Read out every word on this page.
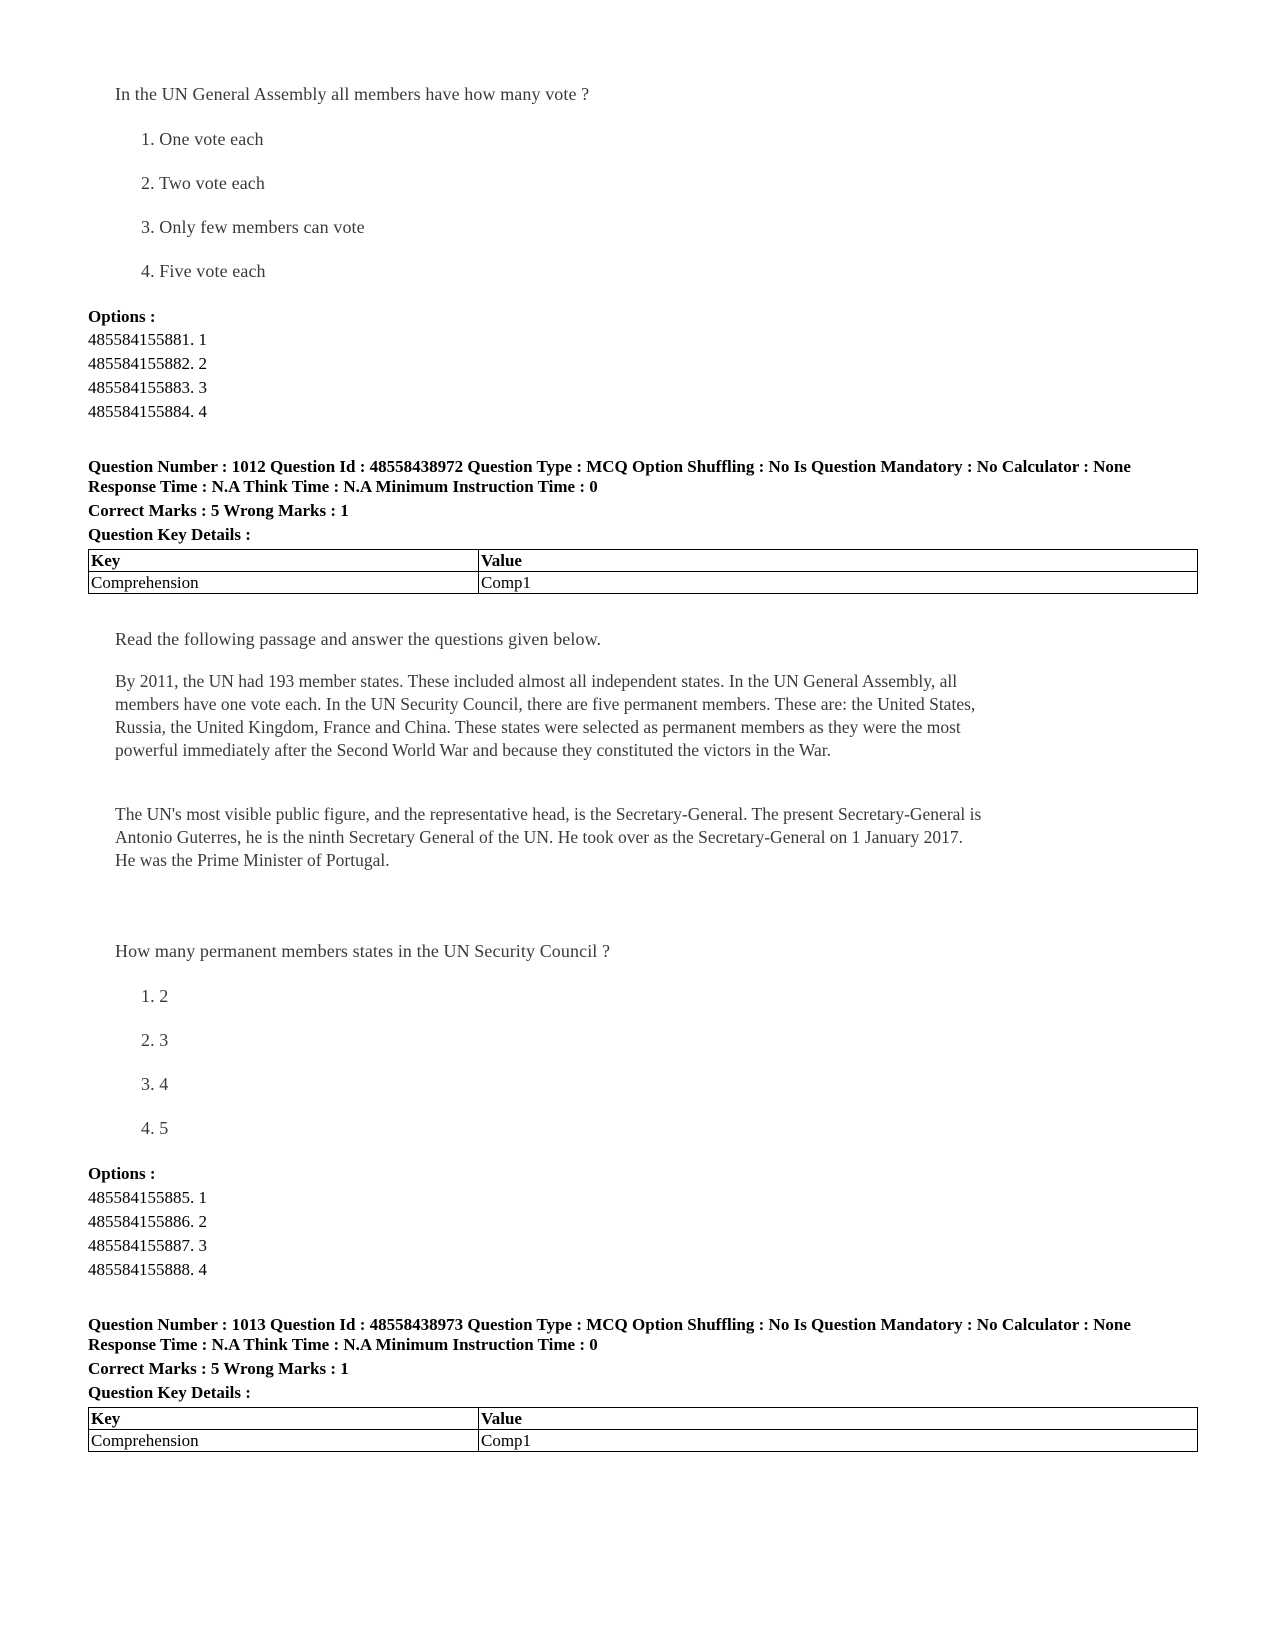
In the UN General Assembly all members have how many vote ?
1. One vote each
2. Two vote each
3. Only few members can vote
4. Five vote each
Options :
485584155881. 1
485584155882. 2
485584155883. 3
485584155884. 4
Question Number : 1012 Question Id : 48558438972 Question Type : MCQ Option Shuffling : No Is Question Mandatory : No Calculator : None
Response Time : N.A Think Time : N.A Minimum Instruction Time : 0
Correct Marks : 5 Wrong Marks : 1
Question Key Details :
Key	Value
Comprehension	Comp1
Read the following passage and answer the questions given below.

By 2011, the UN had 193 member states. These included almost all independent states. In the UN General Assembly, all members have one vote each. In the UN Security Council, there are five permanent members. These are: the United States, Russia, the United Kingdom, France and China. These states were selected as permanent members as they were the most powerful immediately after the Second World War and because they constituted the victors in the War.

The UN's most visible public figure, and the representative head, is the Secretary-General. The present Secretary-General is Antonio Guterres, he is the ninth Secretary General of the UN. He took over as the Secretary-General on 1 January 2017. He was the Prime Minister of Portugal.

How many permanent members states in the UN Security Council ?
1. 2
2. 3
3. 4
4. 5
Options :
485584155885. 1
485584155886. 2
485584155887. 3
485584155888. 4
Question Number : 1013 Question Id : 48558438973 Question Type : MCQ Option Shuffling : No Is Question Mandatory : No Calculator : None
Response Time : N.A Think Time : N.A Minimum Instruction Time : 0
Correct Marks : 5 Wrong Marks : 1
Question Key Details :
Key	Value
Comprehension	Comp1
